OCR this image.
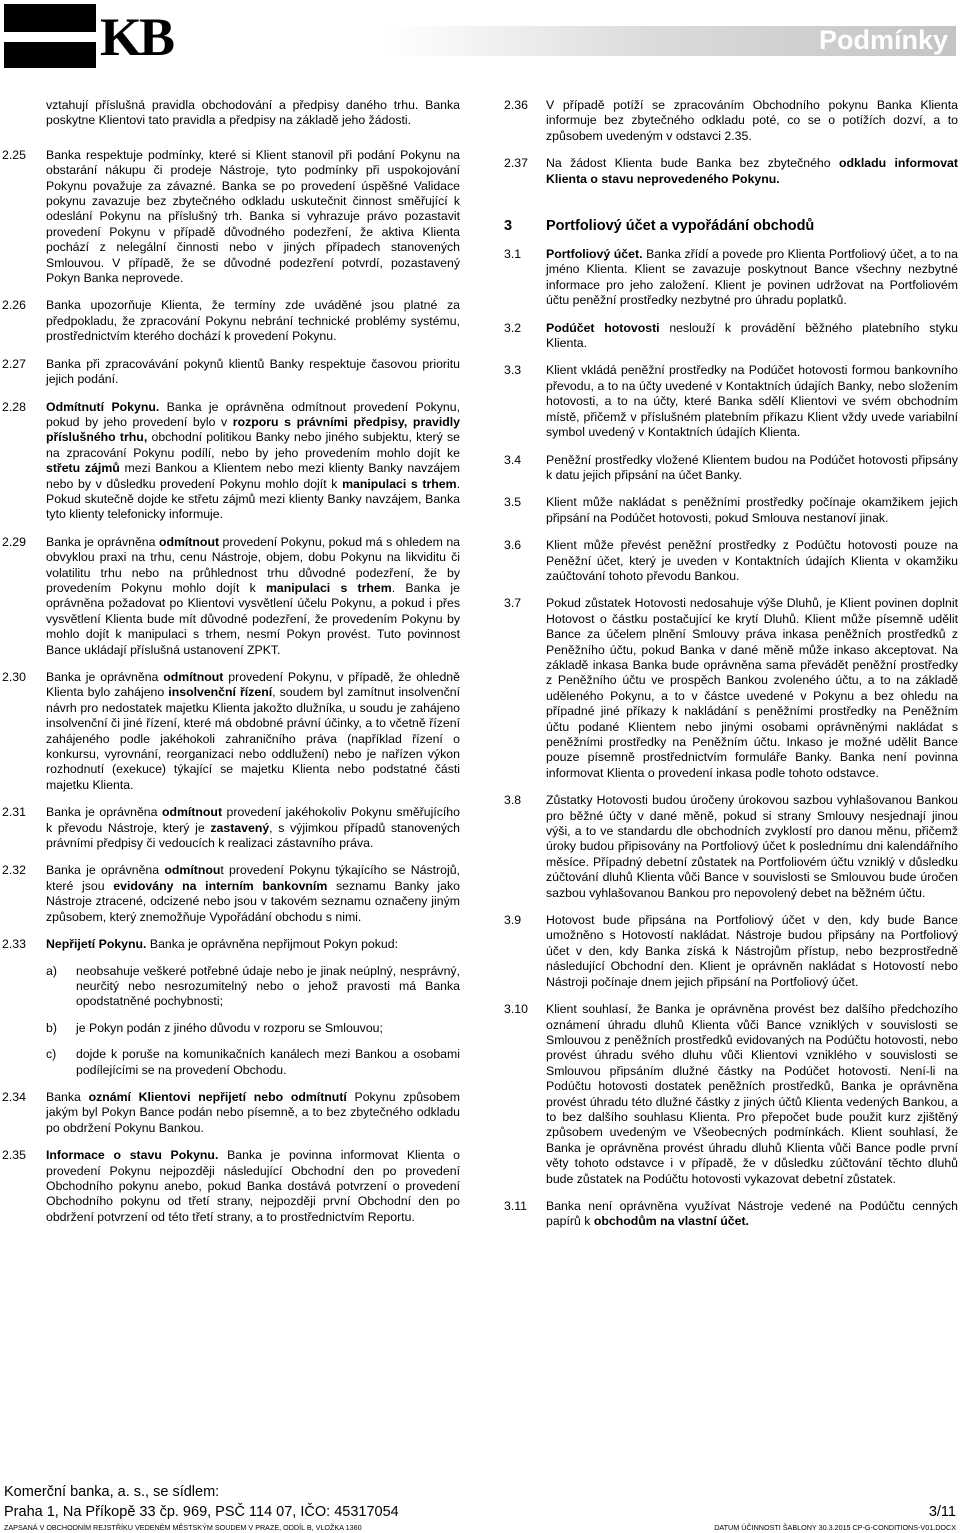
KB	Podmínky
vztahují příslušná pravidla obchodování a předpisy daného trhu. Banka poskytne Klientovi tato pravidla a předpisy na základě jeho žádosti.
2.25	Banka respektuje podmínky, které si Klient stanovil při podání Pokynu na obstarání nákupu či prodeje Nástroje, tyto podmínky při uspokojování Pokynu považuje za závazné. Banka se po provedení úspěšné Validace pokynu zavazuje bez zbytečného odkladu uskutečnit činnost směřující k odeslání Pokynu na příslušný trh. Banka si vyhrazuje právo pozastavit provedení Pokynu v případě důvodného podezření, že aktiva Klienta pochází z nelegální činnosti nebo v jiných případech stanovených Smlouvou. V případě, že se důvodné podezření potvrdí, pozastavený Pokyn Banka neprovede.
2.26	Banka upozorňuje Klienta, že termíny zde uváděné jsou platné za předpokladu, že zpracování Pokynu nebrání technické problémy systému, prostřednictvím kterého dochází k provedení Pokynu.
2.27	Banka při zpracovávání pokynů klientů Banky respektuje časovou prioritu jejich podání.
2.28	Odmítnutí Pokynu. Banka je oprávněna odmítnout provedení Pokynu, pokud by jeho provedení bylo v rozporu s právními předpisy, pravidly příslušného trhu, obchodní politikou Banky nebo jiného subjektu, který se na zpracování Pokynu podílí, nebo by jeho provedením mohlo dojít ke střetu zájmů mezi Bankou a Klientem nebo mezi klienty Banky navzájem nebo by v důsledku provedení Pokynu mohlo dojít k manipulaci s trhem. Pokud skutečně dojde ke střetu zájmů mezi klienty Banky navzájem, Banka tyto klienty telefonicky informuje.
2.29	Banka je oprávněna odmítnout provedení Pokynu, pokud má s ohledem na obvyklou praxi na trhu, cenu Nástroje, objem, dobu Pokynu na likviditu či volatilitu trhu nebo na průhlednost trhu důvodné podezření, že by provedením Pokynu mohlo dojít k manipulaci s trhem. Banka je oprávněna požadovat po Klientovi vysvětlení účelu Pokynu, a pokud i přes vysvětlení Klienta bude mít důvodné podezření, že provedením Pokynu by mohlo dojít k manipulaci s trhem, nesmí Pokyn provést. Tuto povinnost Bance ukládají příslušná ustanovení ZPKT.
2.30	Banka je oprávněna odmítnout provedení Pokynu, v případě, že ohledně Klienta bylo zahájeno insolvenční řízení, soudem byl zamítnut insolvenční návrh pro nedostatek majetku Klienta jakožto dlužníka, u soudu je zahájeno insolvenční či jiné řízení, které má obdobné právní účinky, a to včetně řízení zahájeného podle jakéhokoli zahraničního práva (například řízení o konkursu, vyrovnání, reorganizaci nebo oddlužení) nebo je nařízen výkon rozhodnutí (exekuce) týkající se majetku Klienta nebo podstatné části majetku Klienta.
2.31	Banka je oprávněna odmítnout provedení jakéhokoliv Pokynu směřujícího k převodu Nástroje, který je zastavený, s výjimkou případů stanovených právními předpisy či vedoucích k realizaci zástavního práva.
2.32	Banka je oprávněna odmítnout provedení Pokynu týkajícího se Nástrojů, které jsou evidovány na interním bankovním seznamu Banky jako Nástroje ztracené, odcizené nebo jsou v takovém seznamu označeny jiným způsobem, který znemožňuje Vypořádání obchodu s nimi.
2.33	Nepřijetí Pokynu. Banka je oprávněna nepřijmout Pokyn pokud:
a)	neobsahuje veškeré potřebné údaje nebo je jinak neúplný, nesprávný, neurčitý nebo nesrozumitelný nebo o jehož pravosti má Banka opodstatněné pochybnosti;
b)	je Pokyn podán z jiného důvodu v rozporu se Smlouvou;
c)	dojde k poruše na komunikačních kanálech mezi Bankou a osobami podílejícími se na provedení Obchodu.
2.34	Banka oznámí Klientovi nepřijetí nebo odmítnutí Pokynu způsobem jakým byl Pokyn Bance podán nebo písemně, a to bez zbytečného odkladu po obdržení Pokynu Bankou.
2.35	Informace o stavu Pokynu. Banka je povinna informovat Klienta o provedení Pokynu nejpozději následující Obchodní den po provedení Obchodního pokynu anebo, pokud Banka dostává potvrzení o provedení Obchodního pokynu od třetí strany, nejpozději první Obchodní den po obdržení potvrzení od této třetí strany, a to prostřednictvím Reportu.
2.36	V případě potíží se zpracováním Obchodního pokynu Banka Klienta informuje bez zbytečného odkladu poté, co se o potížích dozví, a to způsobem uvedeným v odstavci 2.35.
2.37	Na žádost Klienta bude Banka bez zbytečného odkladu informovat Klienta o stavu neprovedeného Pokynu.
3	Portfoliový účet a vypořádání obchodů
3.1	Portfoliový účet. Banka zřídí a povede pro Klienta Portfoliový účet, a to na jméno Klienta. Klient se zavazuje poskytnout Bance všechny nezbytné informace pro jeho založení. Klient je povinen udržovat na Portfoliovém účtu peněžní prostředky nezbytné pro úhradu poplatků.
3.2	Podúčet hotovosti neslouží k provádění běžného platebního styku Klienta.
3.3	Klient vkládá peněžní prostředky na Podúčet hotovosti formou bankovního převodu, a to na účty uvedené v Kontaktních údajích Banky, nebo složením hotovosti, a to na účty, které Banka sdělí Klientovi ve svém obchodním místě, přičemž v příslušném platebním příkazu Klient vždy uvede variabilní symbol uvedený v Kontaktních údajích Klienta.
3.4	Peněžní prostředky vložené Klientem budou na Podúčet hotovosti připsány k datu jejich připsání na účet Banky.
3.5	Klient může nakládat s peněžními prostředky počínaje okamžikem jejich připsání na Podúčet hotovosti, pokud Smlouva nestanoví jinak.
3.6	Klient může převést peněžní prostředky z Podúčtu hotovosti pouze na Peněžní účet, který je uveden v Kontaktních údajích Klienta v okamžiku zaúčtování tohoto převodu Bankou.
3.7	Pokud zůstatek Hotovosti nedosahuje výše Dluhů, je Klient povinen doplnit Hotovost o částku postačující ke krytí Dluhů. Klient může písemně udělit Bance za účelem plnění Smlouvy práva inkasa peněžních prostředků z Peněžního účtu, pokud Banka v dané měně může inkaso akceptovat. Na základě inkasa Banka bude oprávněna sama převádět peněžní prostředky z Peněžního účtu ve prospěch Bankou zvoleného účtu, a to na základě uděleného Pokynu, a to v částce uvedené v Pokynu a bez ohledu na případné jiné příkazy k nakládání s peněžními prostředky na Peněžním účtu podané Klientem nebo jinými osobami oprávněnými nakládat s peněžními prostředky na Peněžním účtu. Inkaso je možné udělit Bance pouze písemně prostřednictvím formuláře Banky. Banka není povinna informovat Klienta o provedení inkasa podle tohoto odstavce.
3.8	Zůstatky Hotovosti budou úročeny úrokovou sazbou vyhlašovanou Bankou pro běžné účty v dané měně, pokud si strany Smlouvy nesjednají jinou výši, a to ve standardu dle obchodních zvyklostí pro danou měnu, přičemž úroky budou připisovány na Portfoliový účet k poslednímu dni kalendářního měsíce. Případný debetní zůstatek na Portfoliovém účtu vzniklý v důsledku zúčtování dluhů Klienta vůči Bance v souvislosti se Smlouvou bude úročen sazbou vyhlašovanou Bankou pro nepovolený debet na běžném účtu.
3.9	Hotovost bude připsána na Portfoliový účet v den, kdy bude Bance umožněno s Hotovostí nakládat. Nástroje budou připsány na Portfoliový účet v den, kdy Banka získá k Nástrojům přístup, nebo bezprostředně následující Obchodní den. Klient je oprávněn nakládat s Hotovostí nebo Nástroji počínaje dnem jejich připsání na Portfoliový účet.
3.10	Klient souhlasí, že Banka je oprávněna provést bez dalšího předchozího oznámení úhradu dluhů Klienta vůči Bance vzniklých v souvislosti se Smlouvou z peněžních prostředků evidovaných na Podúčtu hotovosti, nebo provést úhradu svého dluhu vůči Klientovi vzniklého v souvislosti se Smlouvou připsáním dlužné částky na Podúčet hotovosti. Není-li na Podúčtu hotovosti dostatek peněžních prostředků, Banka je oprávněna provést úhradu této dlužné částky z jiných účtů Klienta vedených Bankou, a to bez dalšího souhlasu Klienta. Pro přepočet bude použit kurz zjištěný způsobem uvedeným ve Všeobecných podmínkách. Klient souhlasí, že Banka je oprávněna provést úhradu dluhů Klienta vůči Bance podle první věty tohoto odstavce i v případě, že v důsledku zúčtování těchto dluhů bude zůstatek na Podúčtu hotovosti vykazovat debetní zůstatek.
3.11	Banka není oprávněna využívat Nástroje vedené na Podúčtu cenných papírů k obchodům na vlastní účet.
Komerční banka, a. s., se sídlem:
Praha 1, Na Příkopě 33 čp. 969, PSČ 114 07, IČO: 45317054	3/11
ZAPSANÁ V OBCHODNÍM REJSTŘÍKU VEDENÉM MĚSTSKÝM SOUDEM V PRAZE, ODDÍL B, VLOŽKA 1360	DATUM ÚČINNOSTI ŠABLONY 30.3.2015 CP-G-CONDITIONS-V01.DOCX
